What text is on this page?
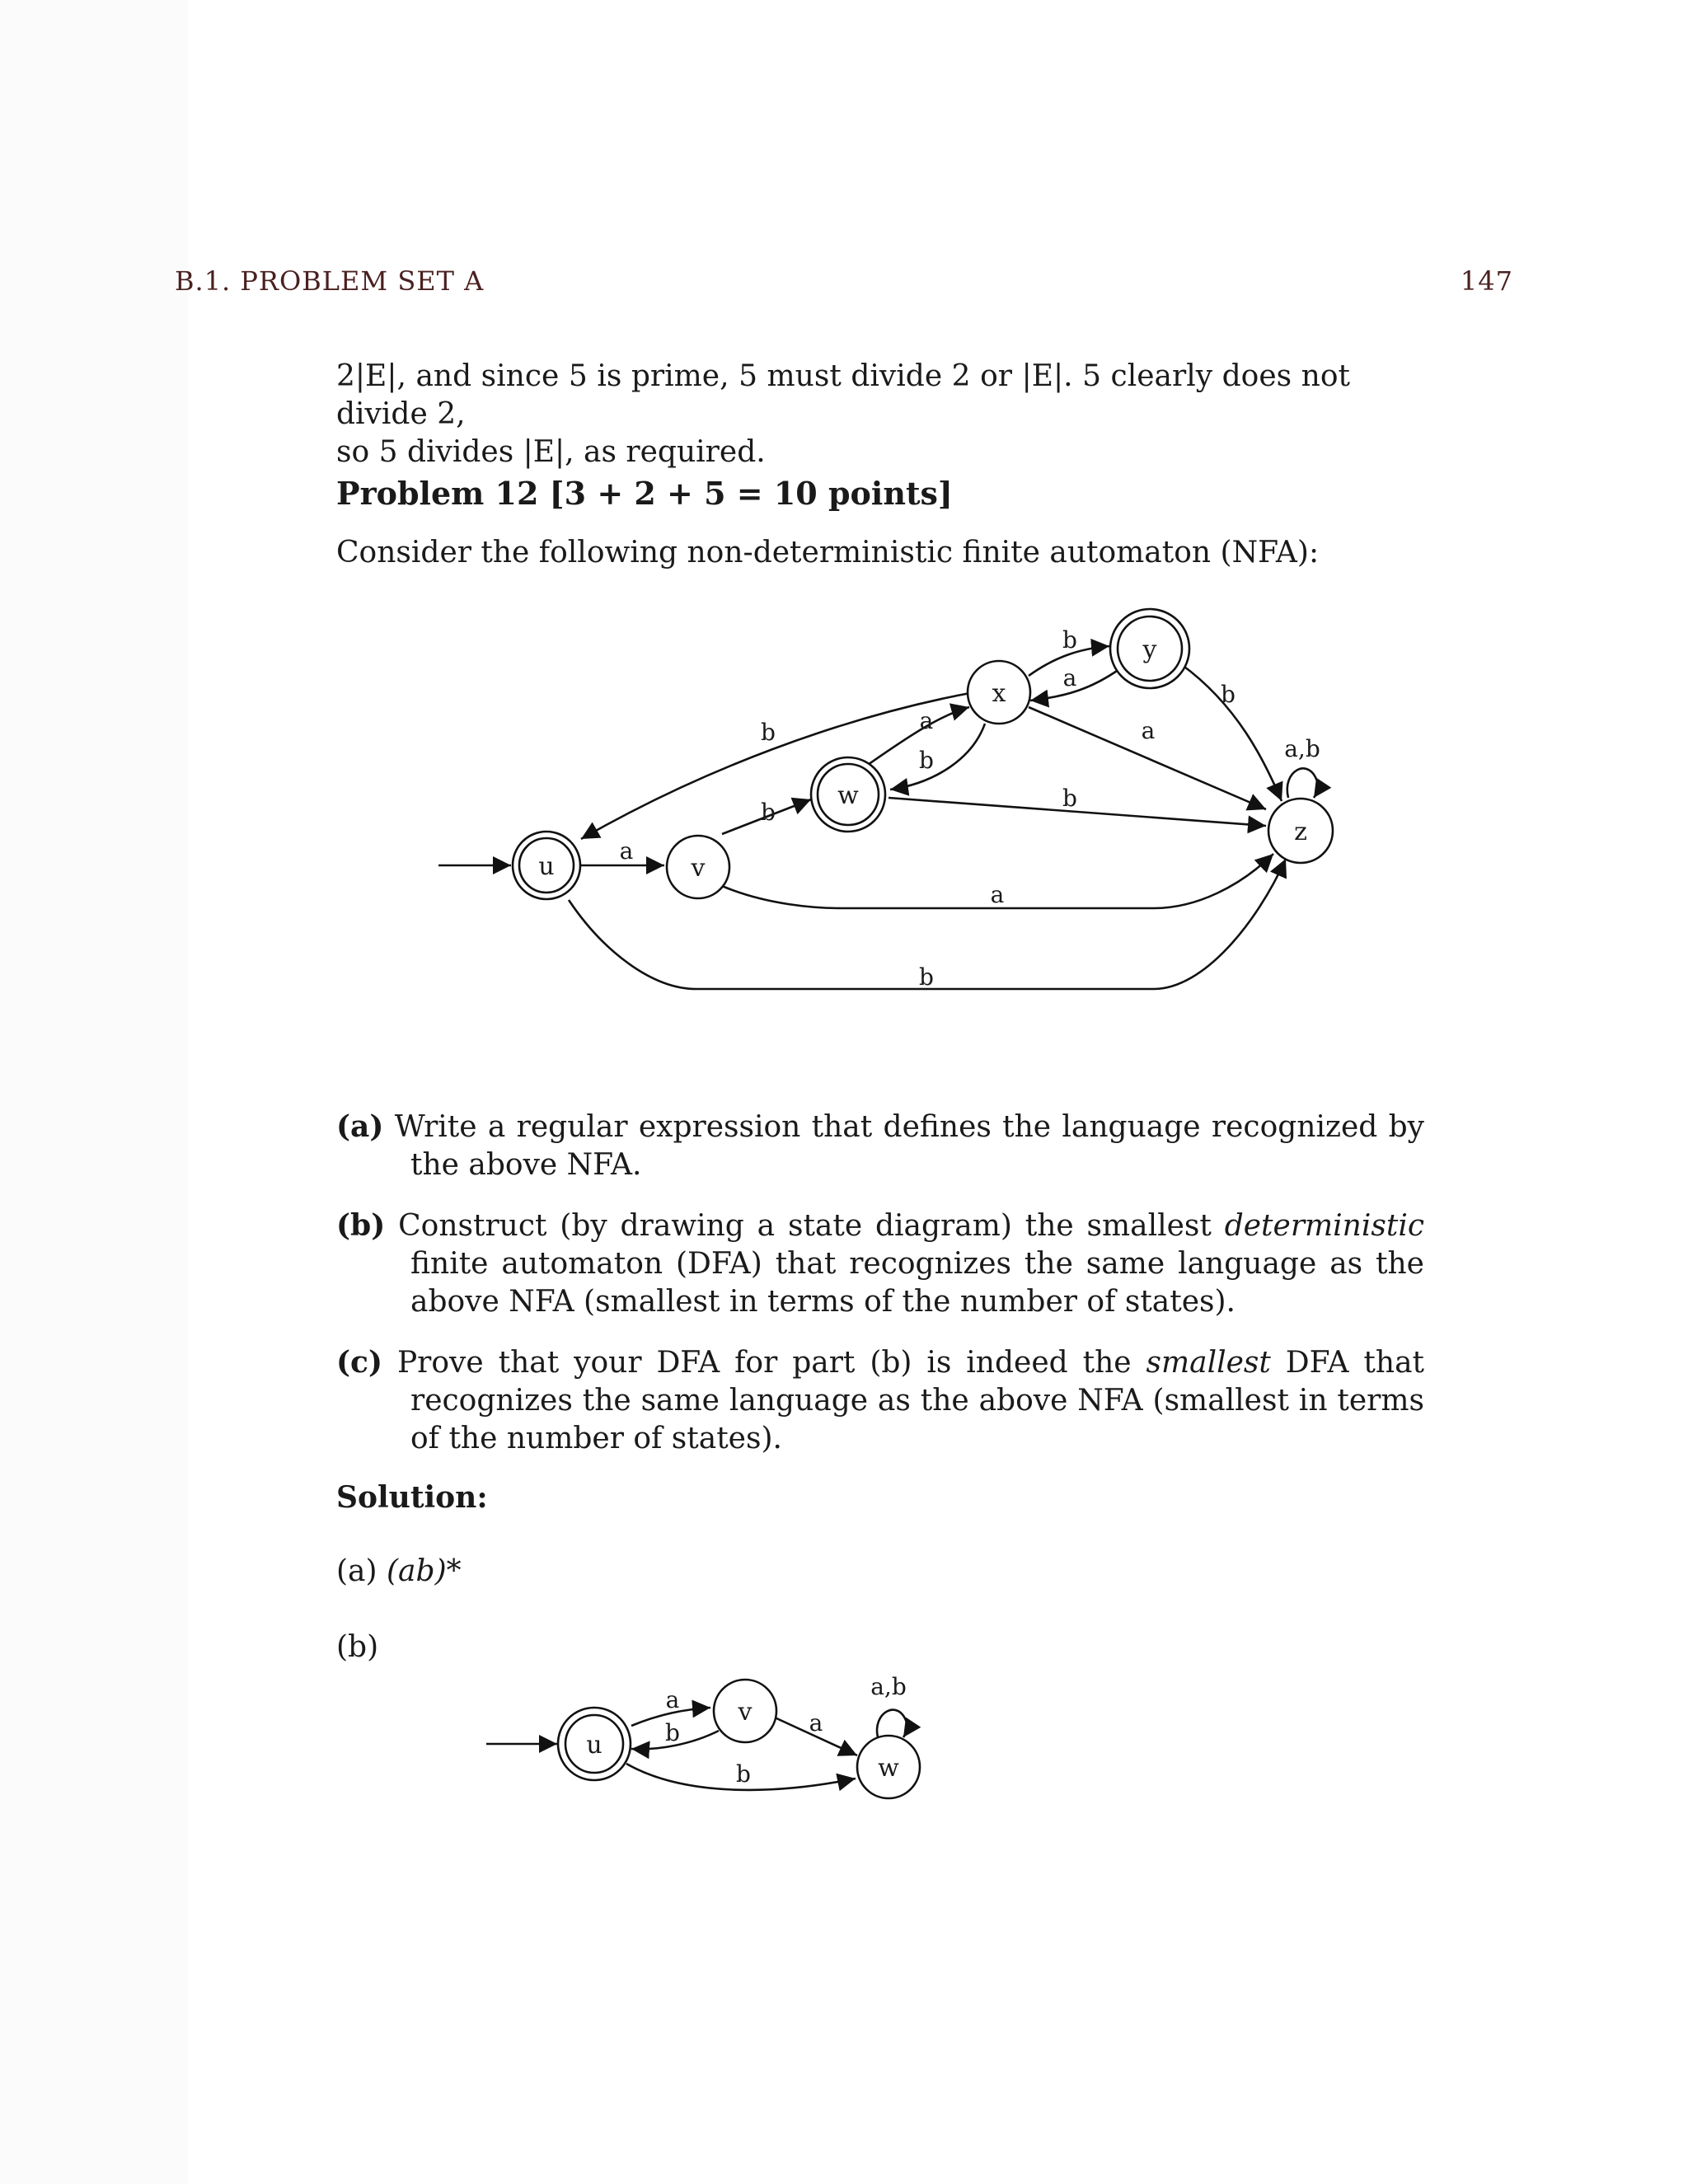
B.1. PROBLEM SET A	147
2|E|, and since 5 is prime, 5 must divide 2 or |E|. 5 clearly does not divide 2,
so 5 divides |E|, as required.
Problem 12 [3 + 2 + 5 = 10 points]
Consider the following non-deterministic finite automaton (NFA):
u	v
w
x
y
z
a
b
b	a
b
b
a
b
a
b
a
b
a,b
u
v
w
a
b	a
b
a,b
(a) Write a regular expression that defines the language recognized by the above NFA.
(b) Construct (by drawing a state diagram) the smallest deterministic finite automaton (DFA) that recognizes the same language as the above NFA (smallest in terms of the number of states).
(c) Prove that your DFA for part (b) is indeed the smallest DFA that recognizes the same language as the above NFA (smallest in terms of the number of states).
Solution:
(a) (ab)*
(b)
